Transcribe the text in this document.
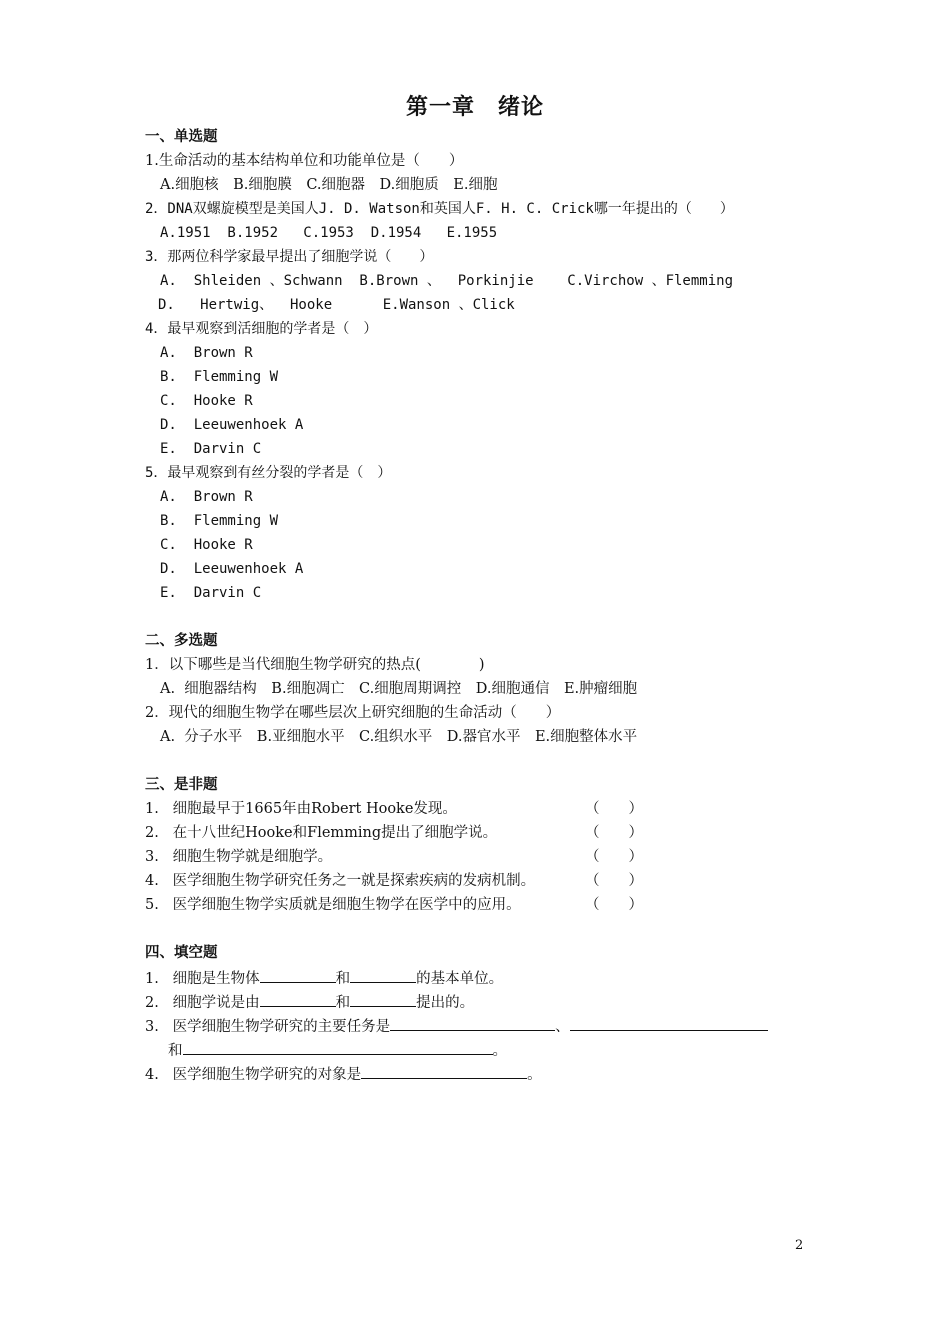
第一章　绪论
一、单选题
1.生命活动的基本结构单位和功能单位是（　　）
A.细胞核　B.细胞膜　C.细胞器　D.细胞质　E.细胞
2．DNA双螺旋模型是美国人J. D. Watson和英国人F. H. C. Crick哪一年提出的（　　）
A.1951  B.1952   C.1953  D.1954   E.1955
3．那两位科学家最早提出了细胞学说（　　）
A.  Shleiden 、Schwann  B.Brown 、  Porkinjie    C.Virchow 、Flemming
D.   Hertwig、  Hooke      E.Wanson 、Click
4．最早观察到活细胞的学者是（　）
A.  Brown R
B.  Flemming W
C.  Hooke R
D.  Leeuwenhoek A
E.  Darvin C
5．最早观察到有丝分裂的学者是（　）
A.  Brown R
B.  Flemming W
C.  Hooke R
D.  Leeuwenhoek A
E.  Darvin C
二、多选题
1．以下哪些是当代细胞生物学研究的热点(　　　　)
A.  细胞器结构　B.细胞凋亡　C.细胞周期调控　D.细胞通信　E.肿瘤细胞
2．现代的细胞生物学在哪些层次上研究细胞的生命活动（　　）
A.  分子水平　B.亚细胞水平　C.组织水平　D.器官水平　E.细胞整体水平
三、是非题
1.   细胞最早于1665年由Robert Hooke发现。	（　　）
2.   在十八世纪Hooke和Flemming提出了细胞学说。	（　　）
3.   细胞生物学就是细胞学。	（　　）
4.   医学细胞生物学研究任务之一就是探索疾病的发病机制。	（　　）
5.   医学细胞生物学实质就是细胞生物学在医学中的应用。	（　　）
四、填空题
1.   细胞是生物体	和	的基本单位。
2.   细胞学说是由	和	提出的。
3.   医学细胞生物学研究的主要任务是	、
和	。
4.   医学细胞生物学研究的对象是	。
2
